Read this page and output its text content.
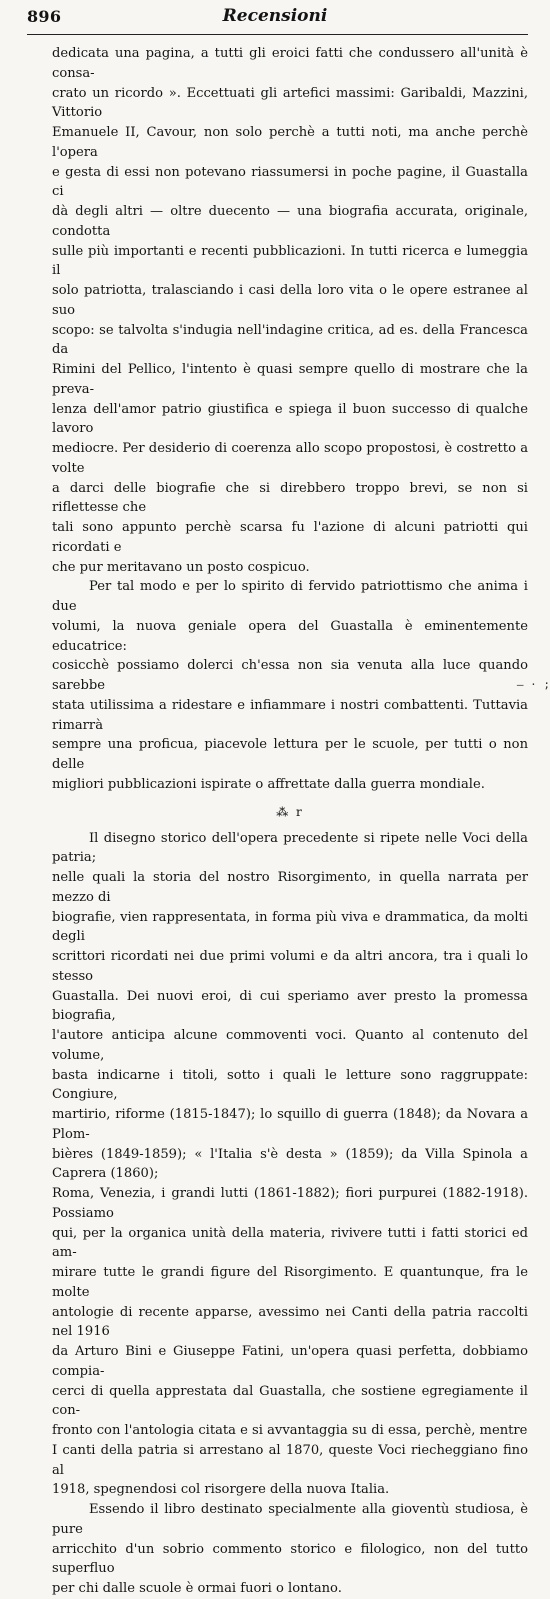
896	Recensioni

dedicata una pagina, a tutti gli eroici fatti che condussero all'unità è consa-
crato un ricordo ». Eccettuati gli artefici massimi: Garibaldi, Mazzini, Vittorio
Emanuele II, Cavour, non solo perchè a tutti noti, ma anche perchè l'opera
e gesta di essi non potevano riassumersi in poche pagine, il Guastalla ci
dà degli altri — oltre duecento — una biografia accurata, originale, condotta
sulle più importanti e recenti pubblicazioni. In tutti ricerca e lumeggia il
solo patriotta, tralasciando i casi della loro vita o le opere estranee al suo
scopo: se talvolta s'indugia nell'indagine critica, ad es. della Francesca da
Rimini del Pellico, l'intento è quasi sempre quello di mostrare che la preva-
lenza dell'amor patrio giustifica e spiega il buon successo di qualche lavoro
mediocre. Per desiderio di coerenza allo scopo propostosi, è costretto a volte
a darci delle biografie che si direbbero troppo brevi, se non si riflettesse che
tali sono appunto perchè scarsa fu l'azione di alcuni patriotti qui ricordati e
che pur meritavano un posto cospicuo.

Per tal modo e per lo spirito di fervido patriottismo che anima i due
volumi, la nuova geniale opera del Guastalla è eminentemente educatrice:
cosicchè possiamo dolerci ch'essa non sia venuta alla luce quando sarebbe
stata utilissima a ridestare e infiammare i nostri combattenti. Tuttavia rimarrà
sempre una proficua, piacevole lettura per le scuole, per tutti o non delle
migliori pubblicazioni ispirate o affrettate dalla guerra mondiale.

⁂ r

Il disegno storico dell'opera precedente si ripete nelle Voci della patria;
nelle quali la storia del nostro Risorgimento, in quella narrata per mezzo di
biografie, vien rappresentata, in forma più viva e drammatica, da molti degli
scrittori ricordati nei due primi volumi e da altri ancora, tra i quali lo stesso
Guastalla. Dei nuovi eroi, di cui speriamo aver presto la promessa biografia,
l'autore anticipa alcune commoventi voci. Quanto al contenuto del volume,
basta indicarne i titoli, sotto i quali le letture sono raggruppate: Congiure,
martirio, riforme (1815-1847); lo squillo di guerra (1848); da Novara a Plom-
bières (1849-1859); « l'Italia s'è desta » (1859); da Villa Spinola a Caprera (1860);
Roma, Venezia, i grandi lutti (1861-1882); fiori purpurei (1882-1918). Possiamo
qui, per la organica unità della materia, rivivere tutti i fatti storici ed am-
mirare tutte le grandi figure del Risorgimento. E quantunque, fra le molte
antologie di recente apparse, avessimo nei Canti della patria raccolti nel 1916
da Arturo Bini e Giuseppe Fatini, un'opera quasi perfetta, dobbiamo compia-
cerci di quella apprestata dal Guastalla, che sostiene egregiamente il con-
fronto con l'antologia citata e si avvantaggia su di essa, perchè, mentre
I canti della patria si arrestano al 1870, queste Voci riecheggiano fino al
1918, spegnendosi col risorgere della nuova Italia.

Essendo il libro destinato specialmente alla gioventù studiosa, è pure
arricchito d'un sobrio commento storico e filologico, non del tutto superfluo
per chi dalle scuole è ormai fuori o lontano.

– · ;
